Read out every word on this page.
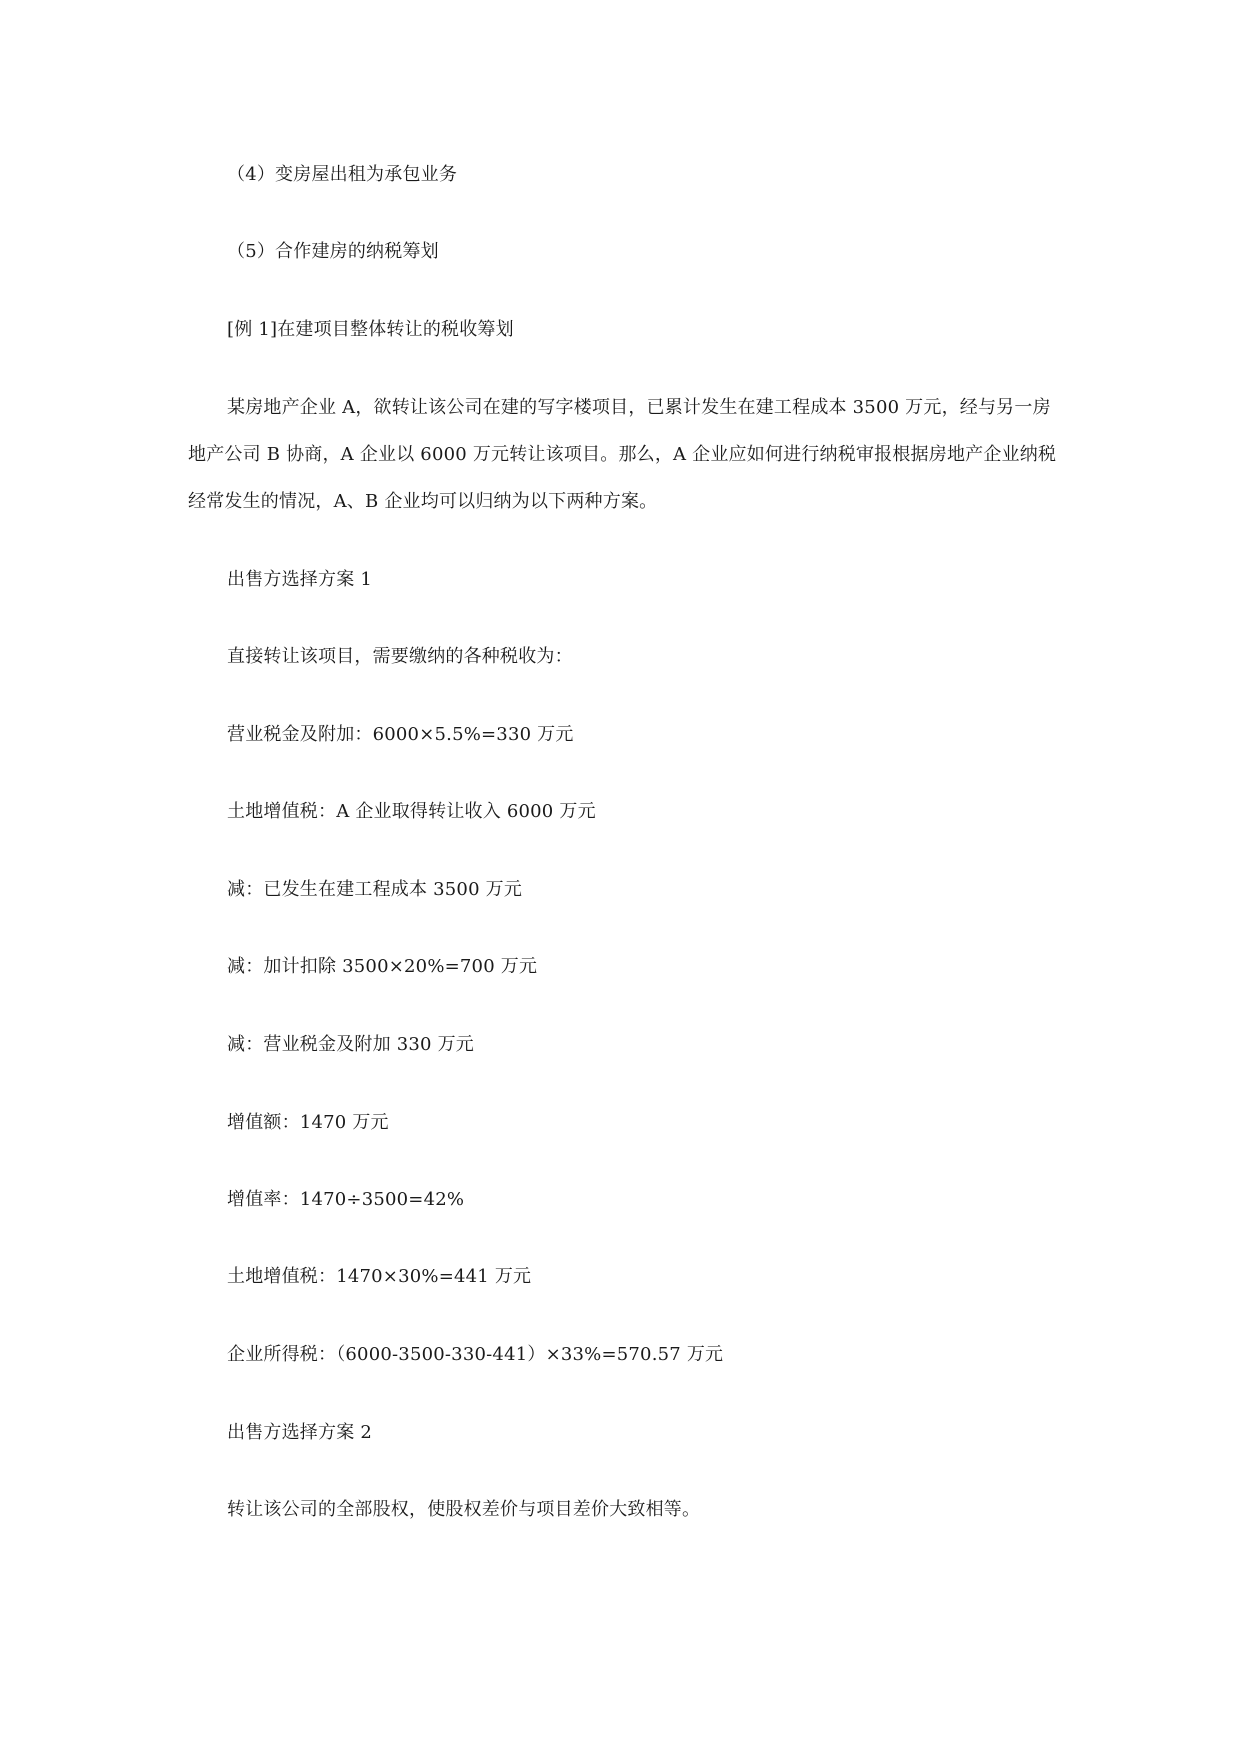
（4）变房屋出租为承包业务
（5）合作建房的纳税筹划
[例 1]在建项目整体转让的税收筹划
某房地产企业 A，欲转让该公司在建的写字楼项目，已累计发生在建工程成本 3500 万元，经与另一房
地产公司 B 协商，A 企业以 6000 万元转让该项目。那么，A 企业应如何进行纳税审报根据房地产企业纳税
经常发生的情况，A、B 企业均可以归纳为以下两种方案。
出售方选择方案 1
直接转让该项目，需要缴纳的各种税收为：
营业税金及附加：6000×5.5%=330 万元
土地增值税：A 企业取得转让收入 6000 万元
减：已发生在建工程成本 3500 万元
减：加计扣除 3500×20%=700 万元
减：营业税金及附加 330 万元
增值额：1470 万元
增值率：1470÷3500=42%
土地增值税：1470×30%=441 万元
企业所得税：（6000-3500-330-441）×33%=570.57 万元
出售方选择方案 2
转让该公司的全部股权，使股权差价与项目差价大致相等。
